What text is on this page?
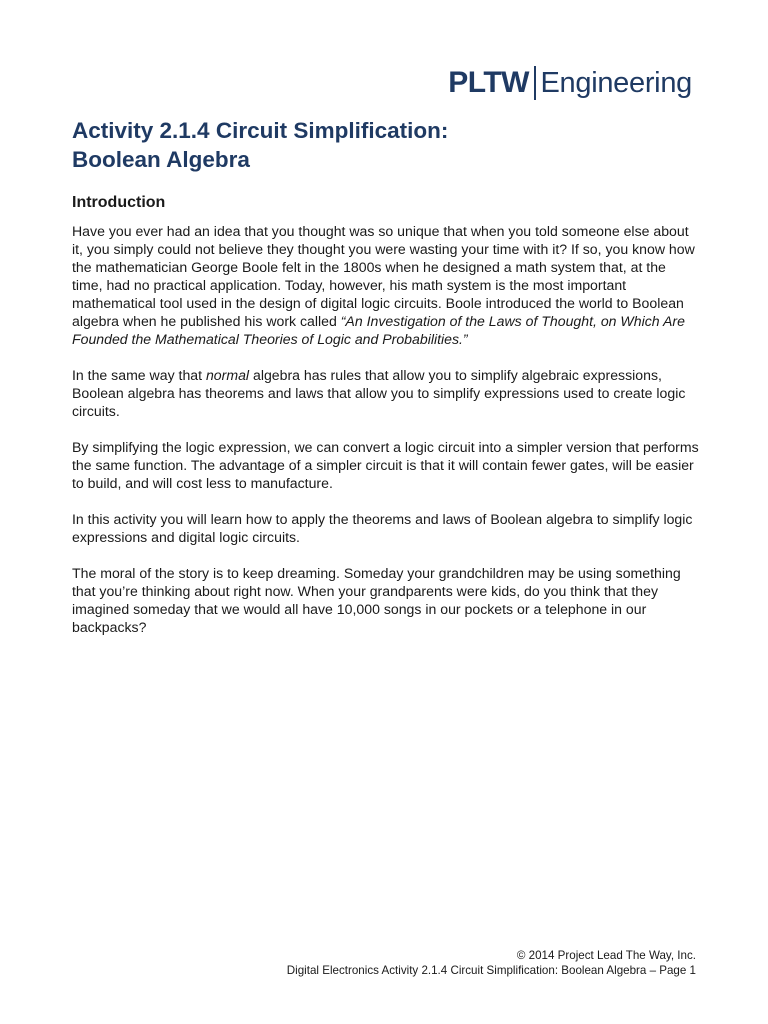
PLTW Engineering
Activity 2.1.4 Circuit Simplification:
Boolean Algebra
Introduction

Have you ever had an idea that you thought was so unique that when you told someone else about it, you simply could not believe they thought you were wasting your time with it? If so, you know how the mathematician George Boole felt in the 1800s when he designed a math system that, at the time, had no practical application. Today, however, his math system is the most important mathematical tool used in the design of digital logic circuits. Boole introduced the world to Boolean algebra when he published his work called “An Investigation of the Laws of Thought, on Which Are Founded the Mathematical Theories of Logic and Probabilities.”

In the same way that normal algebra has rules that allow you to simplify algebraic expressions, Boolean algebra has theorems and laws that allow you to simplify expressions used to create logic circuits.

By simplifying the logic expression, we can convert a logic circuit into a simpler version that performs the same function. The advantage of a simpler circuit is that it will contain fewer gates, will be easier to build, and will cost less to manufacture.

In this activity you will learn how to apply the theorems and laws of Boolean algebra to simplify logic expressions and digital logic circuits.

The moral of the story is to keep dreaming. Someday your grandchildren may be using something that you’re thinking about right now. When your grandparents were kids, do you think that they imagined someday that we would all have 10,000 songs in our pockets or a telephone in our backpacks?

© 2014 Project Lead The Way, Inc.
Digital Electronics Activity 2.1.4 Circuit Simplification: Boolean Algebra – Page 1
